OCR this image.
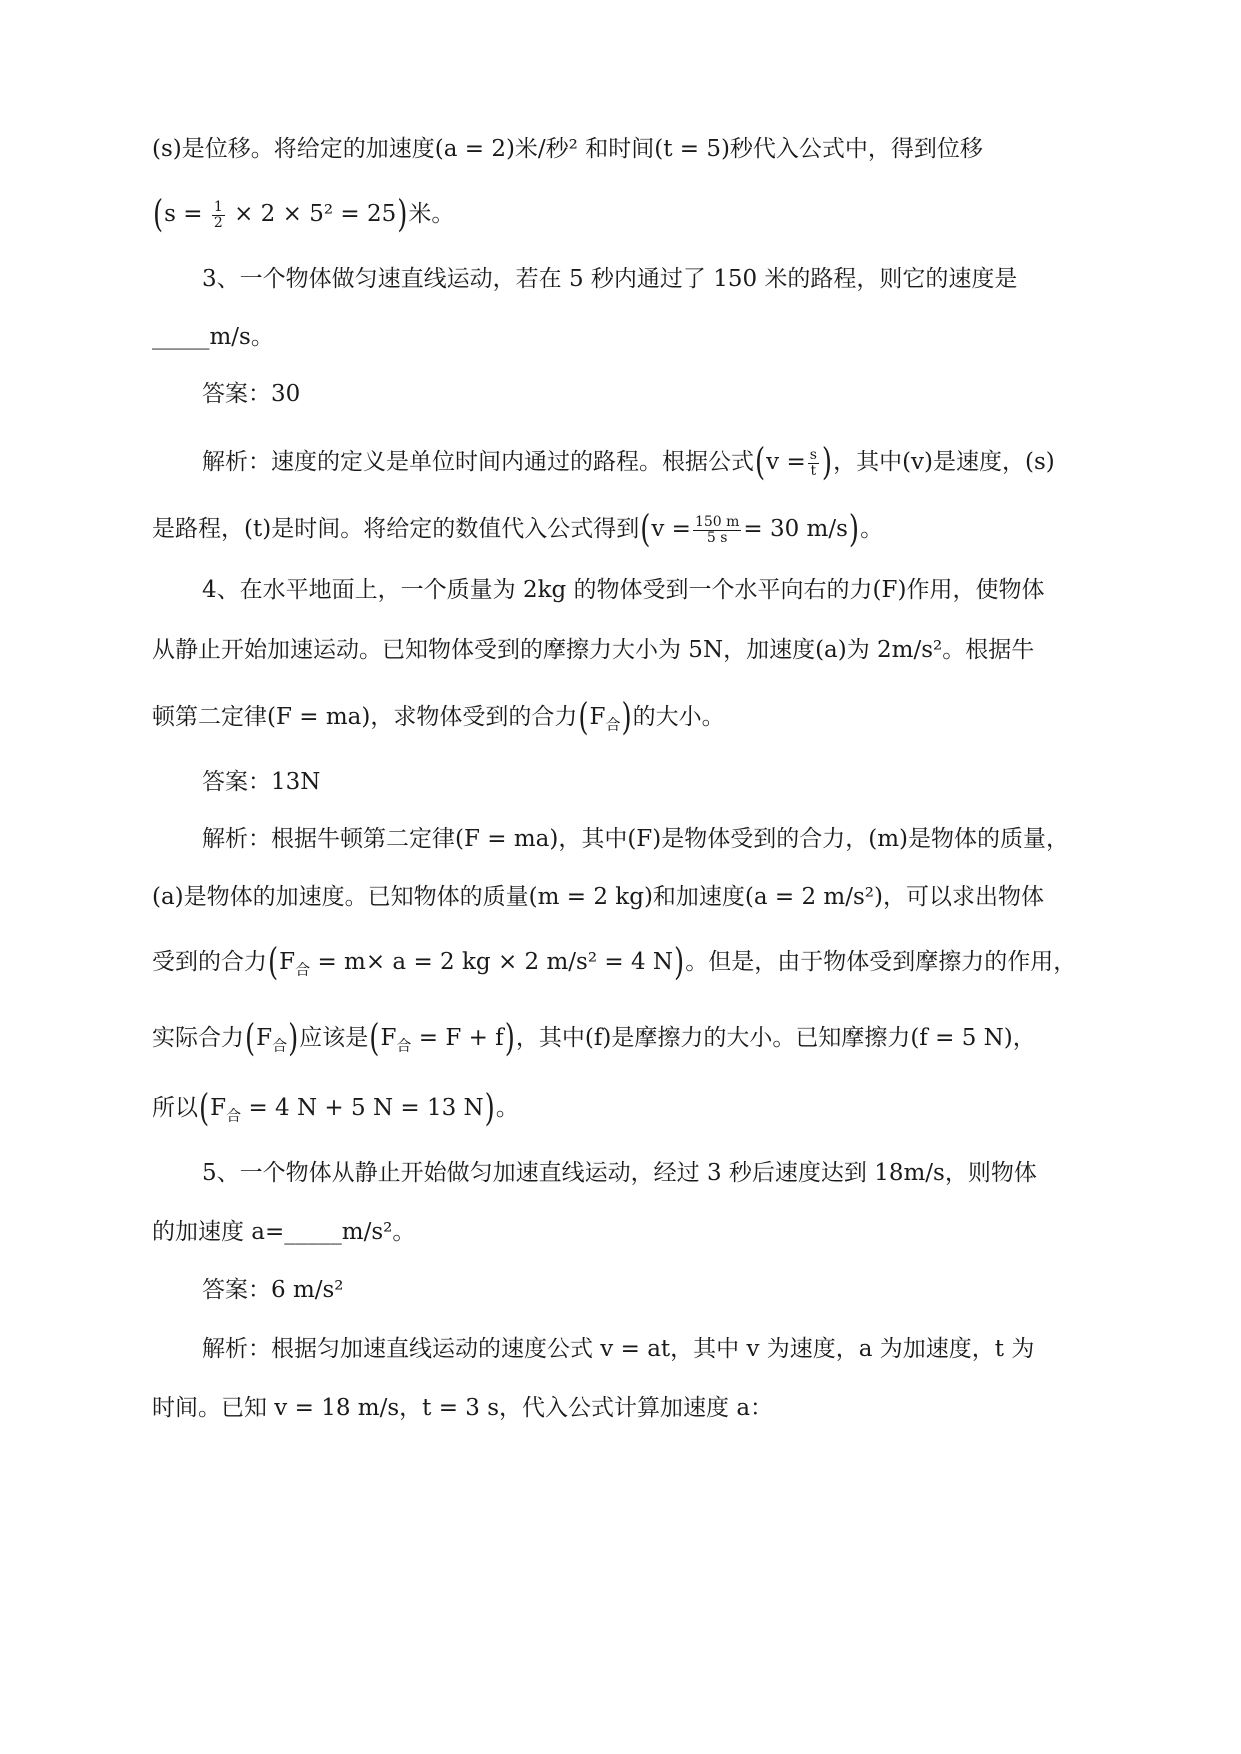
(s)是位移。将给定的加速度(a = 2)米/秒² 和时间(t = 5)秒代入公式中，得到位移
$(s = \frac{1}{2} \times 2 \times 5^2 = 25)$米。
3、一个物体做匀速直线运动，若在 5 秒内通过了 150 米的路程，则它的速度是
_____m/s。
答案：30
解析：速度的定义是单位时间内通过的路程。根据公式($v = \frac{s}{t}$ )，其中(v)是速度，(s)
是路程，(t)是时间。将给定的数值代入公式得到($v = \frac{150 m}{5 s} = 30$ m/s)。
4、在水平地面上，一个质量为 2kg 的物体受到一个水平向右的力(F)作用，使物体
从静止开始加速运动。已知物体受到的摩擦力大小为 5N，加速度(a)为 2m/s²。根据牛
顿第二定律(F = ma)，求物体受到的合力$(F_合)$的大小。
答案：13N
解析：根据牛顿第二定律(F = ma)，其中(F)是物体受到的合力，(m)是物体的质量，
(a)是物体的加速度。已知物体的质量(m = 2 kg)和加速度(a = 2 m/s²)，可以求出物体
受到的合力($F_合 = m\times a = 2$ kg × 2 m/s² = 4 N)。但是，由于物体受到摩擦力的作用，
实际合力$(F_合)$应该是$(F_合 = F + f)$，其中(f)是摩擦力的大小。已知摩擦力(f = 5 N)，
所以($F_合 = 4$ N + 5 N = 13 N)。
5、一个物体从静止开始做匀加速直线运动，经过 3 秒后速度达到 18m/s，则物体
的加速度 a=_____m/s²。
答案：6 m/s²
解析：根据匀加速直线运动的速度公式 v = at，其中 v 为速度，a 为加速度，t 为
时间。已知 v = 18 m/s，t = 3 s，代入公式计算加速度 a：
